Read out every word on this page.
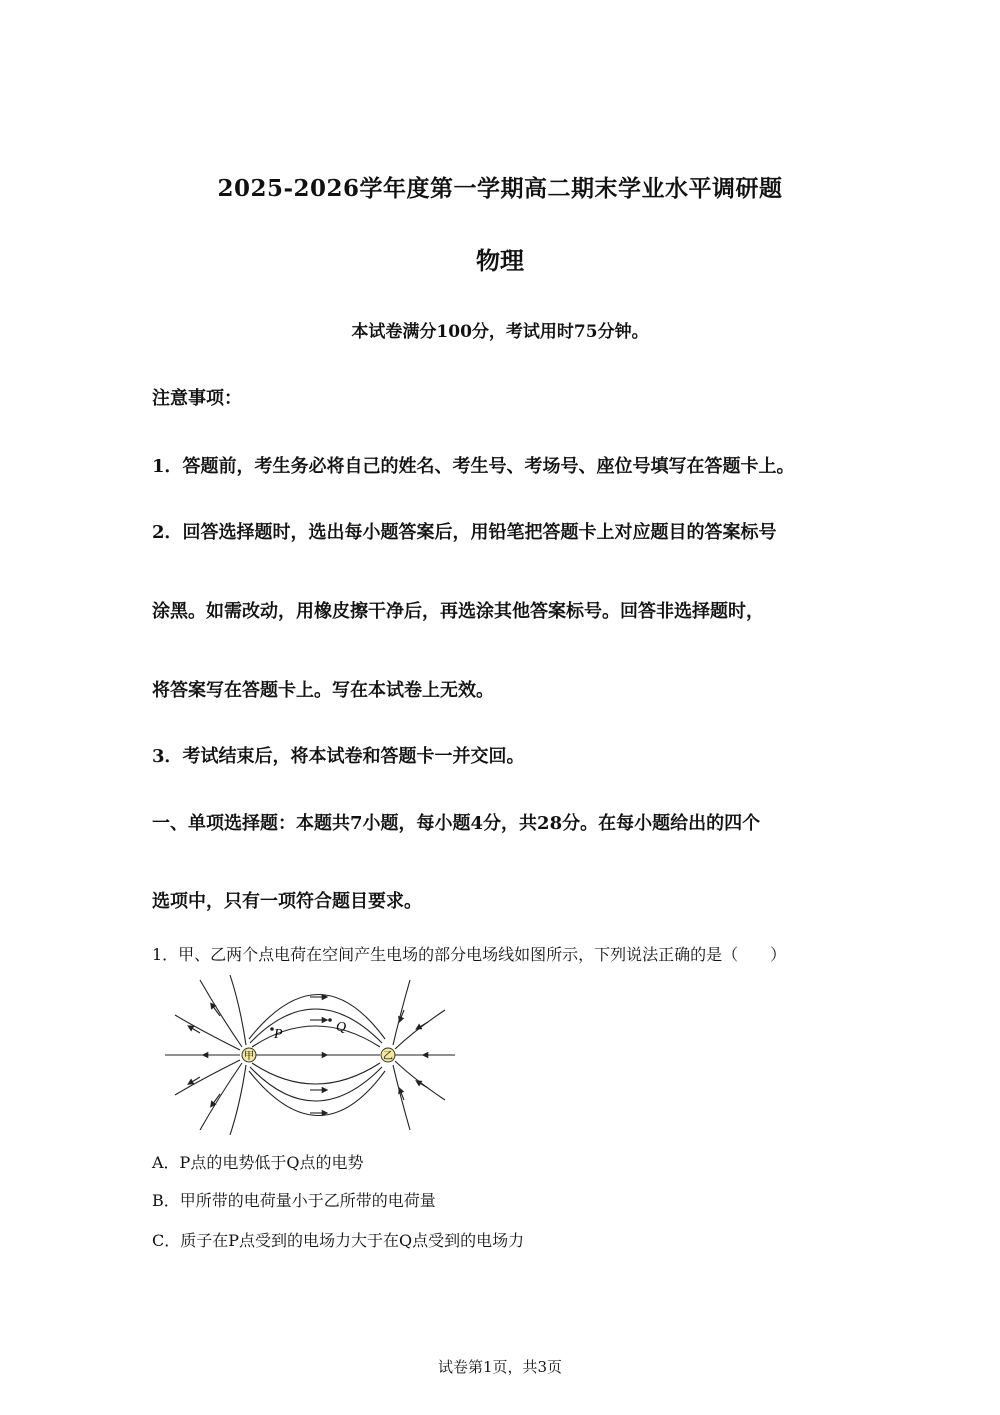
2025-2026学年度第一学期高二期末学业水平调研题
物理
本试卷满分100分，考试用时75分钟。
注意事项：
1．答题前，考生务必将自己的姓名、考生号、考场号、座位号填写在答题卡上。
2．回答选择题时，选出每小题答案后，用铅笔把答题卡上对应题目的答案标号
涂黑。如需改动，用橡皮擦干净后，再选涂其他答案标号。回答非选择题时，
将答案写在答题卡上。写在本试卷上无效。
3．考试结束后，将本试卷和答题卡一并交回。
一、单项选择题：本题共7小题，每小题4分，共28分。在每小题给出的四个
选项中，只有一项符合题目要求。
1．甲、乙两个点电荷在空间产生电场的部分电场线如图所示，下列说法正确的是（　　）
甲	乙
P	Q
A．P点的电势低于Q点的电势
B．甲所带的电荷量小于乙所带的电荷量
C．质子在P点受到的电场力大于在Q点受到的电场力
试卷第1页，共3页
